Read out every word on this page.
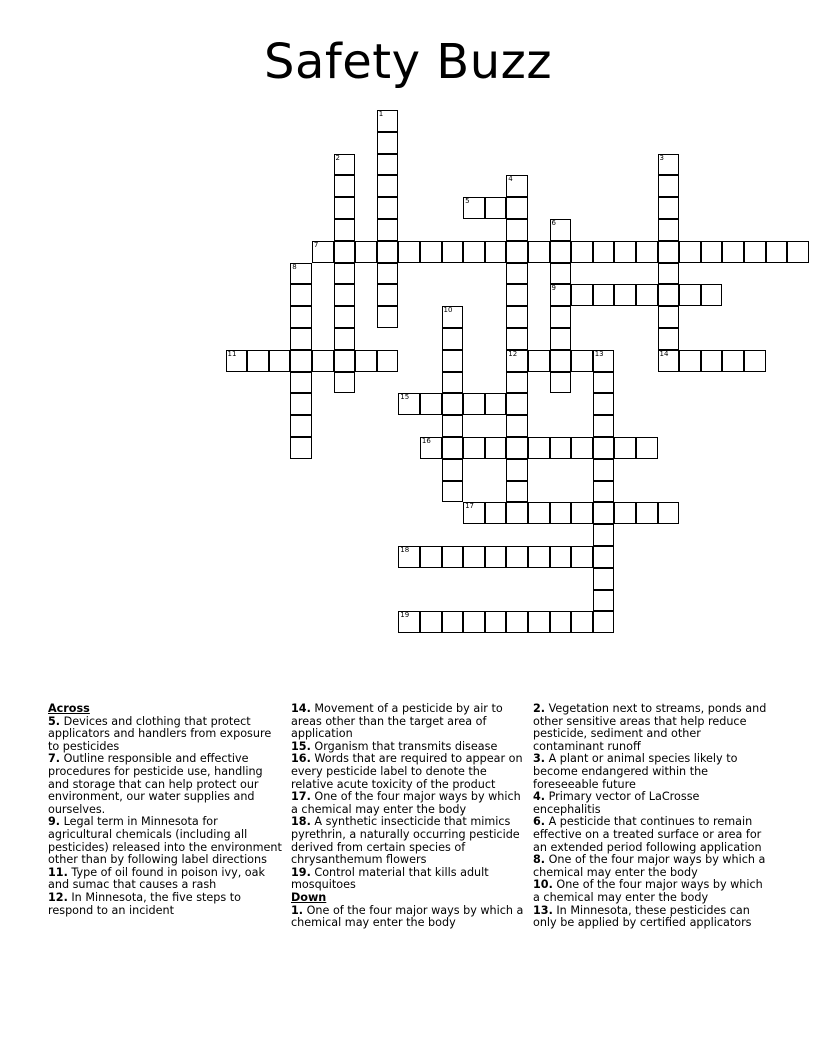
Safety Buzz
1
2	3
14
4
12
5
6
9
7
8
10
11	13
15
16
17
18
19
Across
5. Devices and clothing that protect applicators and handlers from exposure to pesticides
7. Outline responsible and effective procedures for pesticide use, handling and storage that can help protect our environment, our water supplies and ourselves.
9. Legal term in Minnesota for agricultural chemicals (including all pesticides) released into the environment other than by following label directions
11. Type of oil found in poison ivy, oak and sumac that causes a rash
12. In Minnesota, the five steps to respond to an incident
14. Movement of a pesticide by air to areas other than the target area of application
15. Organism that transmits disease
16. Words that are required to appear on every pesticide label to denote the relative acute toxicity of the product
17. One of the four major ways by which a chemical may enter the body
18. A synthetic insecticide that mimics pyrethrin, a naturally occurring pesticide derived from certain species of chrysanthemum flowers
19. Control material that kills adult mosquitoes
Down
1. One of the four major ways by which a chemical may enter the body
2. Vegetation next to streams, ponds and other sensitive areas that help reduce pesticide, sediment and other contaminant runoff
3. A plant or animal species likely to become endangered within the foreseeable future
4. Primary vector of LaCrosse encephalitis
6. A pesticide that continues to remain effective on a treated surface or area for an extended period following application
8. One of the four major ways by which a chemical may enter the body
10. One of the four major ways by which a chemical may enter the body
13. In Minnesota, these pesticides can only be applied by certified applicators
